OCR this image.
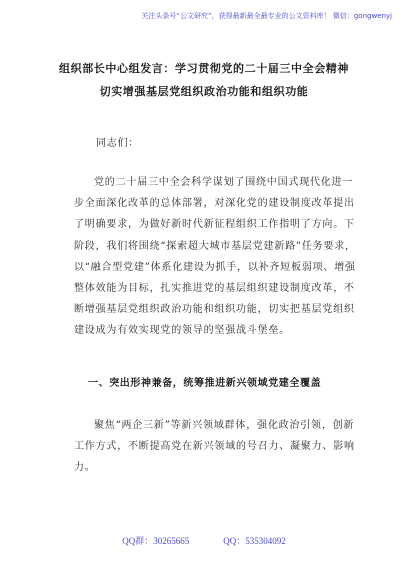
关注头条号“公文研究”，获得最新最全最专业的公文资料库！ 微信：gongwenyj
组织部长中心组发言：学习贯彻党的二十届三中全会精神
切实增强基层党组织政治功能和组织功能
同志们：
党的二十届三中全会科学谋划了围绕中国式现代化进一步全面深化改革的总体部署，对深化党的建设制度改革提出了明确要求，为做好新时代新征程组织工作指明了方向。下阶段，我们将围绕“探索超大城市基层党建新路”任务要求，以“融合型党建”体系化建设为抓手，以补齐短板弱项、增强整体效能为目标，扎实推进党的基层组织建设制度改革，不断增强基层党组织政治功能和组织功能，切实把基层党组织建设成为有效实现党的领导的坚强战斗堡垒。
一、突出形神兼备，统筹推进新兴领域党建全覆盖
聚焦“两企三新”等新兴领域群体，强化政治引领，创新工作方式，不断提高党在新兴领域的号召力、凝聚力、影响力。
QQ群：30265665	QQ：535304092
